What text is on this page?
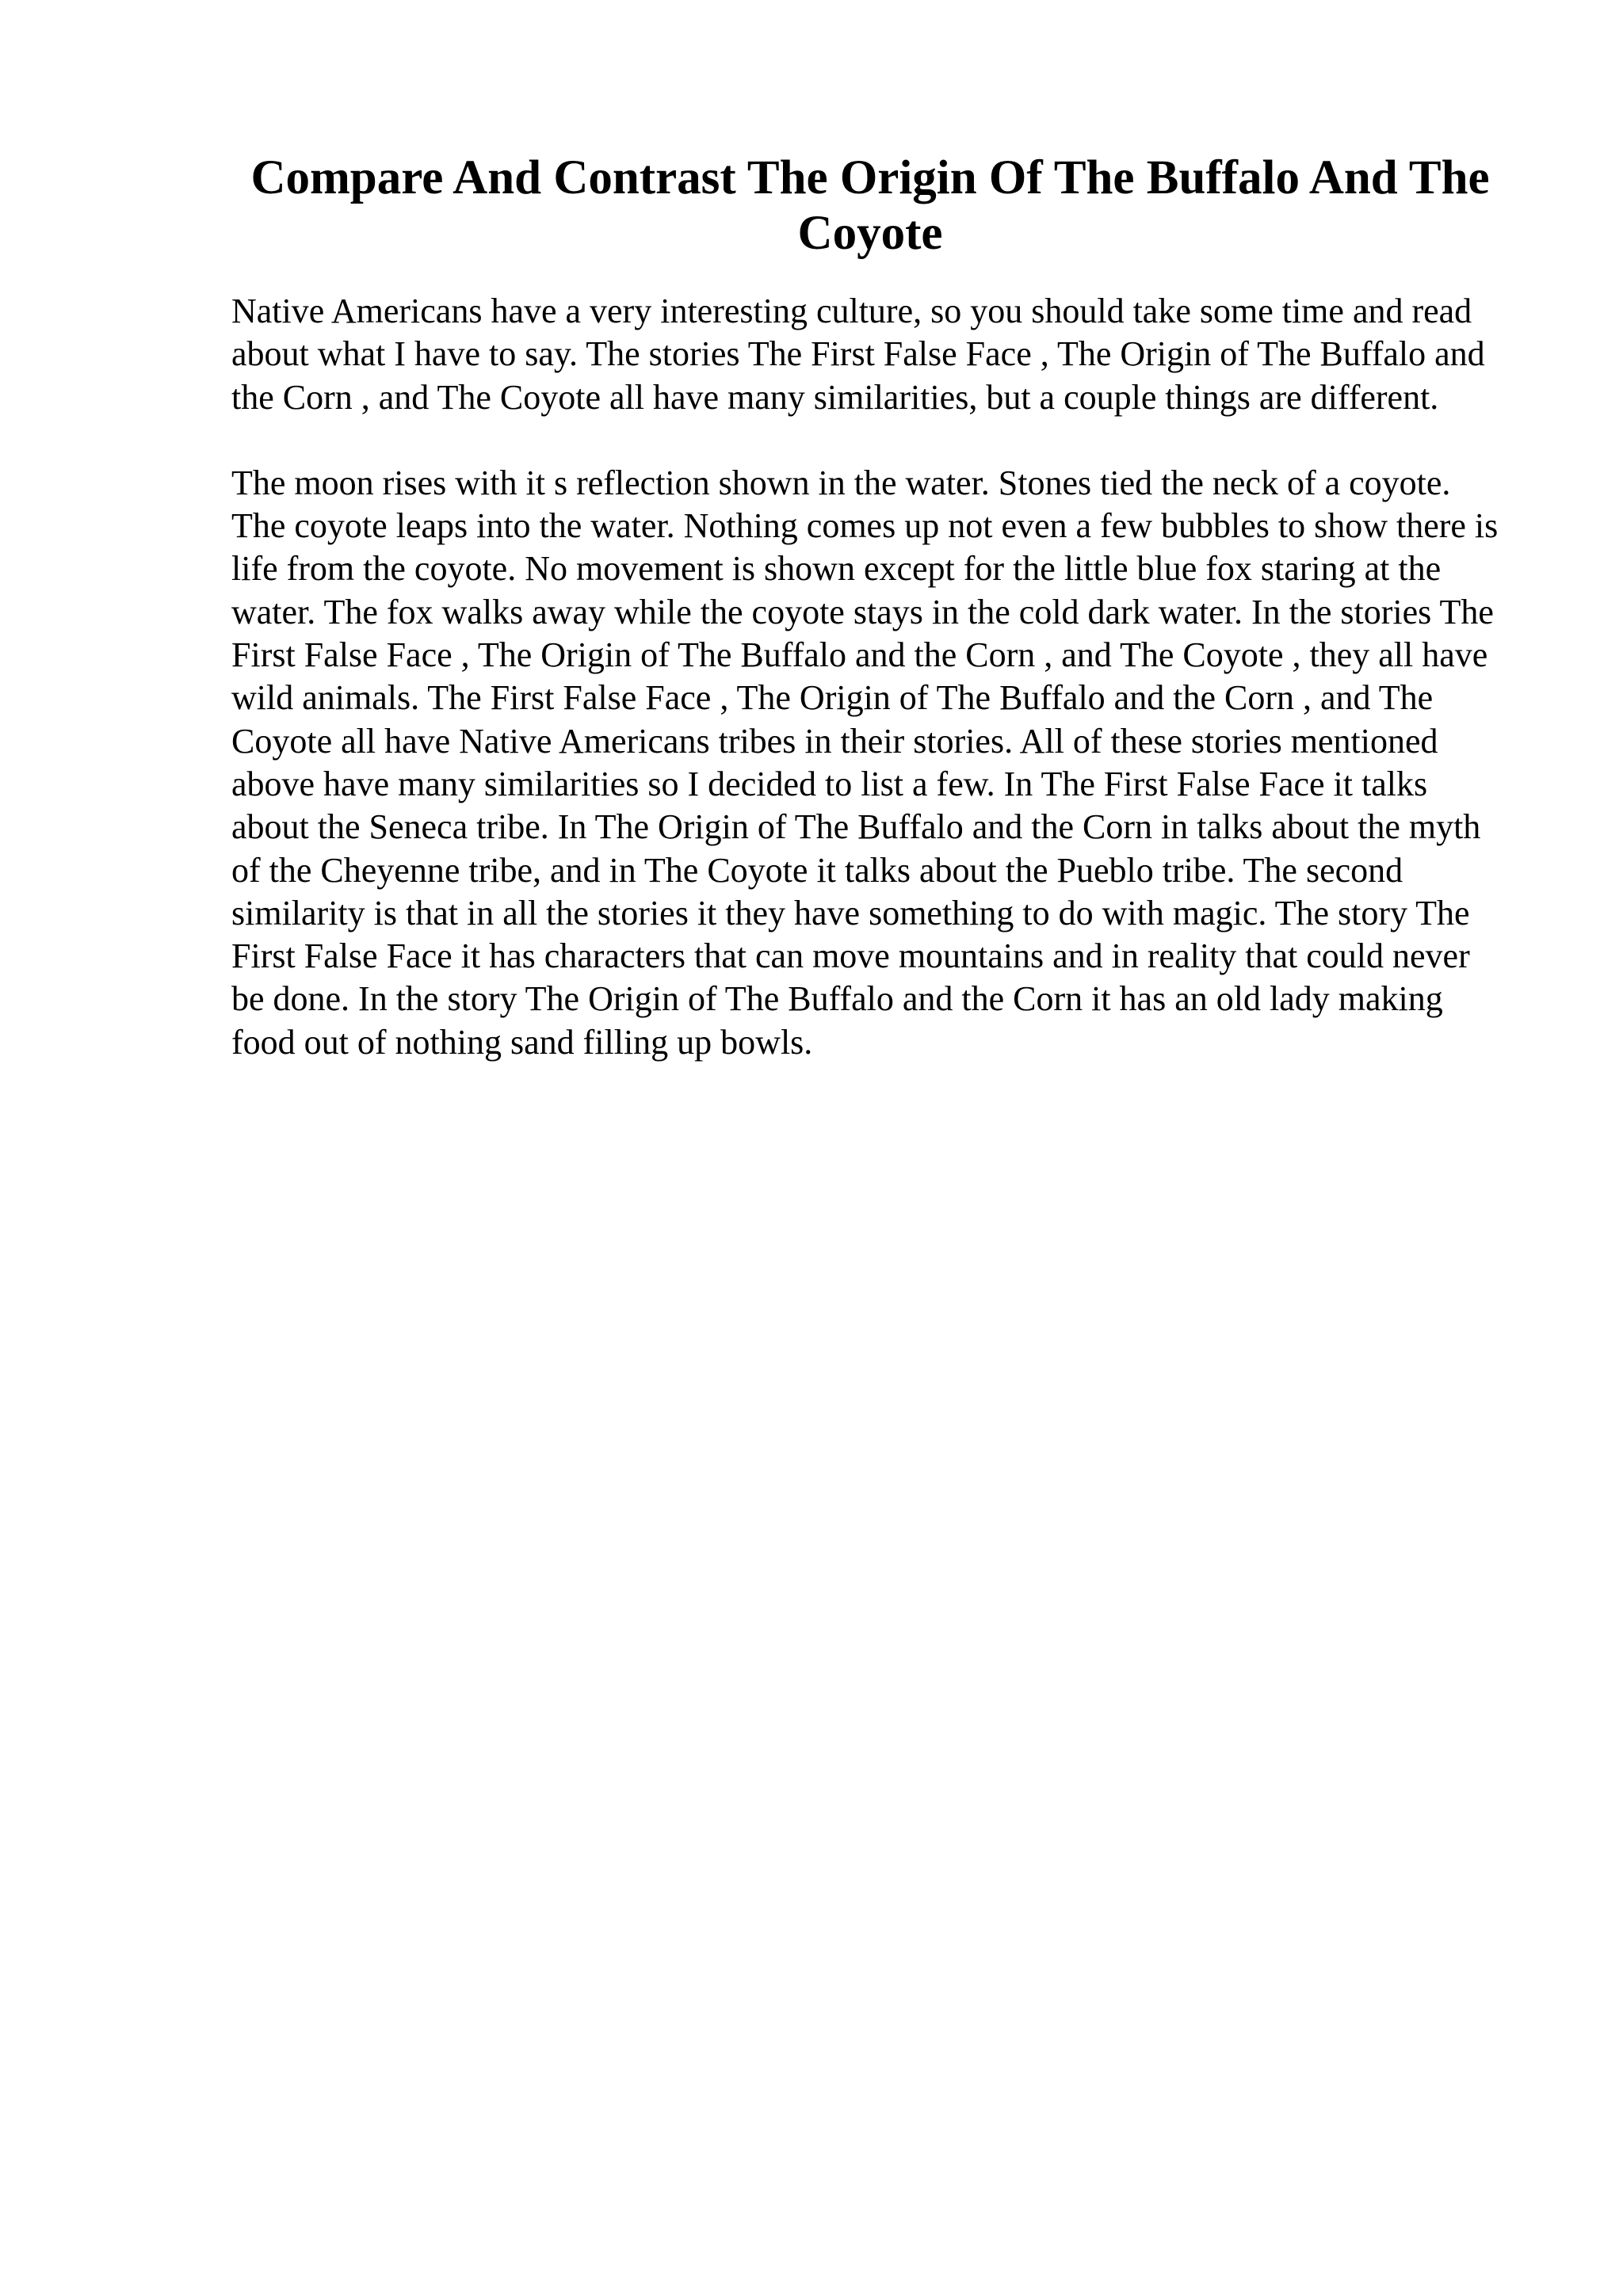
Compare And Contrast The Origin Of The Buffalo And The Coyote

Native Americans have a very interesting culture, so you should take some time and read about what I have to say. The stories The First False Face , The Origin of The Buffalo and the Corn , and The Coyote all have many similarities, but a couple things are different.

The moon rises with it s reflection shown in the water. Stones tied the neck of a coyote. The coyote leaps into the water. Nothing comes up not even a few bubbles to show there is life from the coyote. No movement is shown except for the little blue fox staring at the water. The fox walks away while the coyote stays in the cold dark water. In the stories The First False Face , The Origin of The Buffalo and the Corn , and The Coyote , they all have wild animals. The First False Face , The Origin of The Buffalo and the Corn , and The Coyote all have Native Americans tribes in their stories. All of these stories mentioned above have many similarities so I decided to list a few. In The First False Face it talks about the Seneca tribe. In The Origin of The Buffalo and the Corn in talks about the myth of the Cheyenne tribe, and in The Coyote it talks about the Pueblo tribe. The second similarity is that in all the stories it they have something to do with magic. The story The First False Face it has characters that can move mountains and in reality that could never be done. In the story The Origin of The Buffalo and the Corn it has an old lady making food out of nothing sand filling up bowls.
